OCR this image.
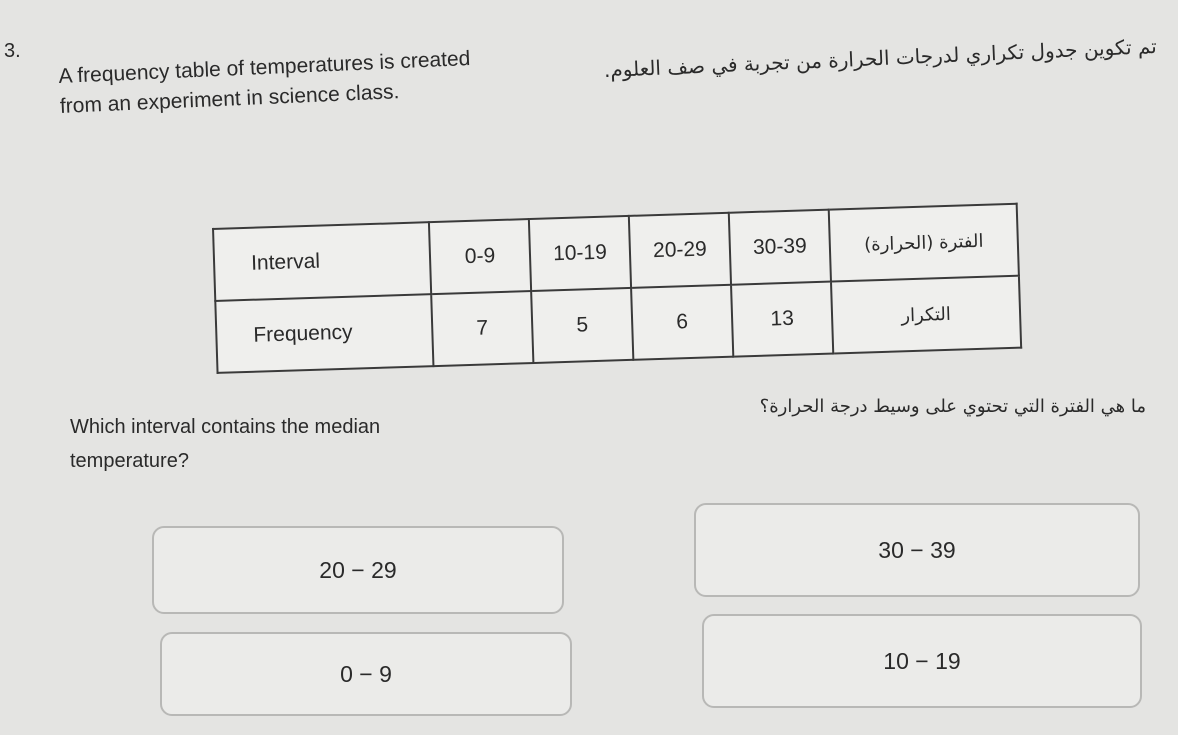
3. A frequency table of temperatures is created from an experiment in science class.
تم تكوين جدول تكراري لدرجات الحرارة من تجربة في صف العلوم.
Interval	0-9	10-19	20-29	30-39	الفترة (الحرارة)
Frequency	7	5	6	13	التكرار
Which interval contains the median temperature?
ما هي الفترة التي تحتوي على وسيط درجة الحرارة؟
20 − 29
30 − 39
0 − 9	10 − 19
